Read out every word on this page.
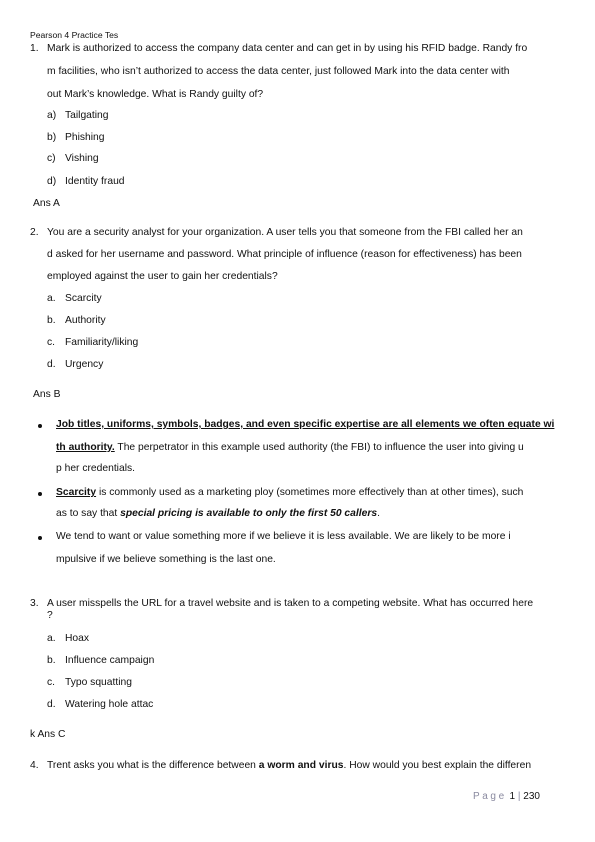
Pearson 4 Practice Tes
1. Mark is authorized to access the company data center and can get in by using his RFID badge. Randy fro
m facilities, who isn’t authorized to access the data center, just followed Mark into the data center with
out Mark’s knowledge. What is Randy guilty of?
a) Tailgating
b) Phishing
c) Vishing
d) Identity fraud
Ans A
2. You are a security analyst for your organization. A user tells you that someone from the FBI called her an
d asked for her username and password. What principle of influence (reason for effectiveness) has been
employed against the user to gain her credentials?
a. Scarcity
b. Authority
c. Familiarity/liking
d. Urgency
Ans B
Job titles, uniforms, symbols, badges, and even specific expertise are all elements we often equate wi
th authority. The perpetrator in this example used authority (the FBI) to influence the user into giving u
p her credentials.
Scarcity is commonly used as a marketing ploy (sometimes more effectively than at other times), such
as to say that special pricing is available to only the first 50 callers.
We tend to want or value something more if we believe it is less available. We are likely to be more i
mpulsive if we believe something is the last one.
3. A user misspells the URL for a travel website and is taken to a competing website. What has occurred here
?
a. Hoax
b. Influence campaign
c. Typo squatting
d. Watering hole attac
k Ans C
4. Trent asks you what is the difference between a worm and virus. How would you best explain the differen
Page 1 | 230
